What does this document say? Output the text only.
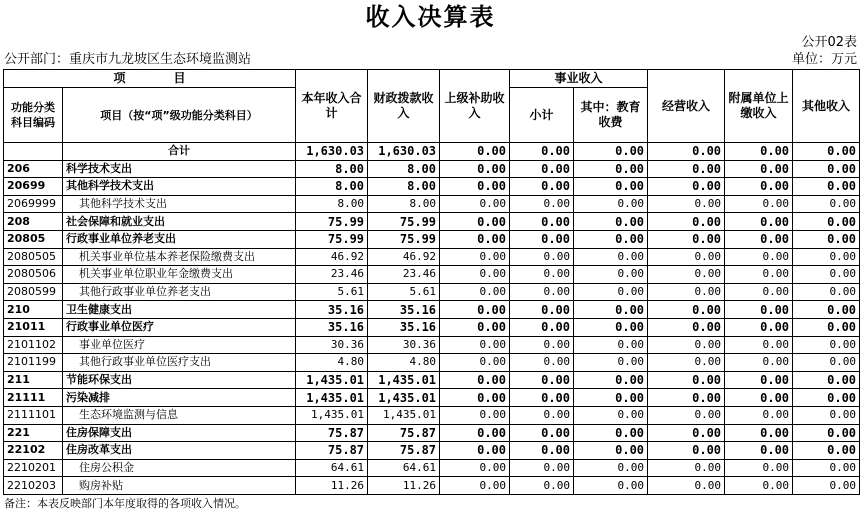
收入决算表
公开02表
公开部门：重庆市九龙坡区生态环境监测站	单位：万元
项　　　　目		本年收入合计	财政拨款收入	上级补助收入	事业收入		经营收入	附属单位上缴收入	其他收入
功能分类科目编码	项目（按“项”级功能分类科目）				小计	其中：教育收费			
	合计	1,630.03	1,630.03	0.00	0.00	0.00	0.00	0.00	0.00
206	科学技术支出	8.00	8.00	0.00	0.00	0.00	0.00	0.00	0.00
20699	其他科学技术支出	8.00	8.00	0.00	0.00	0.00	0.00	0.00	0.00
2069999	其他科学技术支出	8.00	8.00	0.00	0.00	0.00	0.00	0.00	0.00
208	社会保障和就业支出	75.99	75.99	0.00	0.00	0.00	0.00	0.00	0.00
20805	行政事业单位养老支出	75.99	75.99	0.00	0.00	0.00	0.00	0.00	0.00
2080505	机关事业单位基本养老保险缴费支出	46.92	46.92	0.00	0.00	0.00	0.00	0.00	0.00
2080506	机关事业单位职业年金缴费支出	23.46	23.46	0.00	0.00	0.00	0.00	0.00	0.00
2080599	其他行政事业单位养老支出	5.61	5.61	0.00	0.00	0.00	0.00	0.00	0.00
210	卫生健康支出	35.16	35.16	0.00	0.00	0.00	0.00	0.00	0.00
21011	行政事业单位医疗	35.16	35.16	0.00	0.00	0.00	0.00	0.00	0.00
2101102	事业单位医疗	30.36	30.36	0.00	0.00	0.00	0.00	0.00	0.00
2101199	其他行政事业单位医疗支出	4.80	4.80	0.00	0.00	0.00	0.00	0.00	0.00
211	节能环保支出	1,435.01	1,435.01	0.00	0.00	0.00	0.00	0.00	0.00
21111	污染减排	1,435.01	1,435.01	0.00	0.00	0.00	0.00	0.00	0.00
2111101	生态环境监测与信息	1,435.01	1,435.01	0.00	0.00	0.00	0.00	0.00	0.00
221	住房保障支出	75.87	75.87	0.00	0.00	0.00	0.00	0.00	0.00
22102	住房改革支出	75.87	75.87	0.00	0.00	0.00	0.00	0.00	0.00
2210201	住房公积金	64.61	64.61	0.00	0.00	0.00	0.00	0.00	0.00
2210203	购房补贴	11.26	11.26	0.00	0.00	0.00	0.00	0.00	0.00
备注：本表反映部门本年度取得的各项收入情况。
